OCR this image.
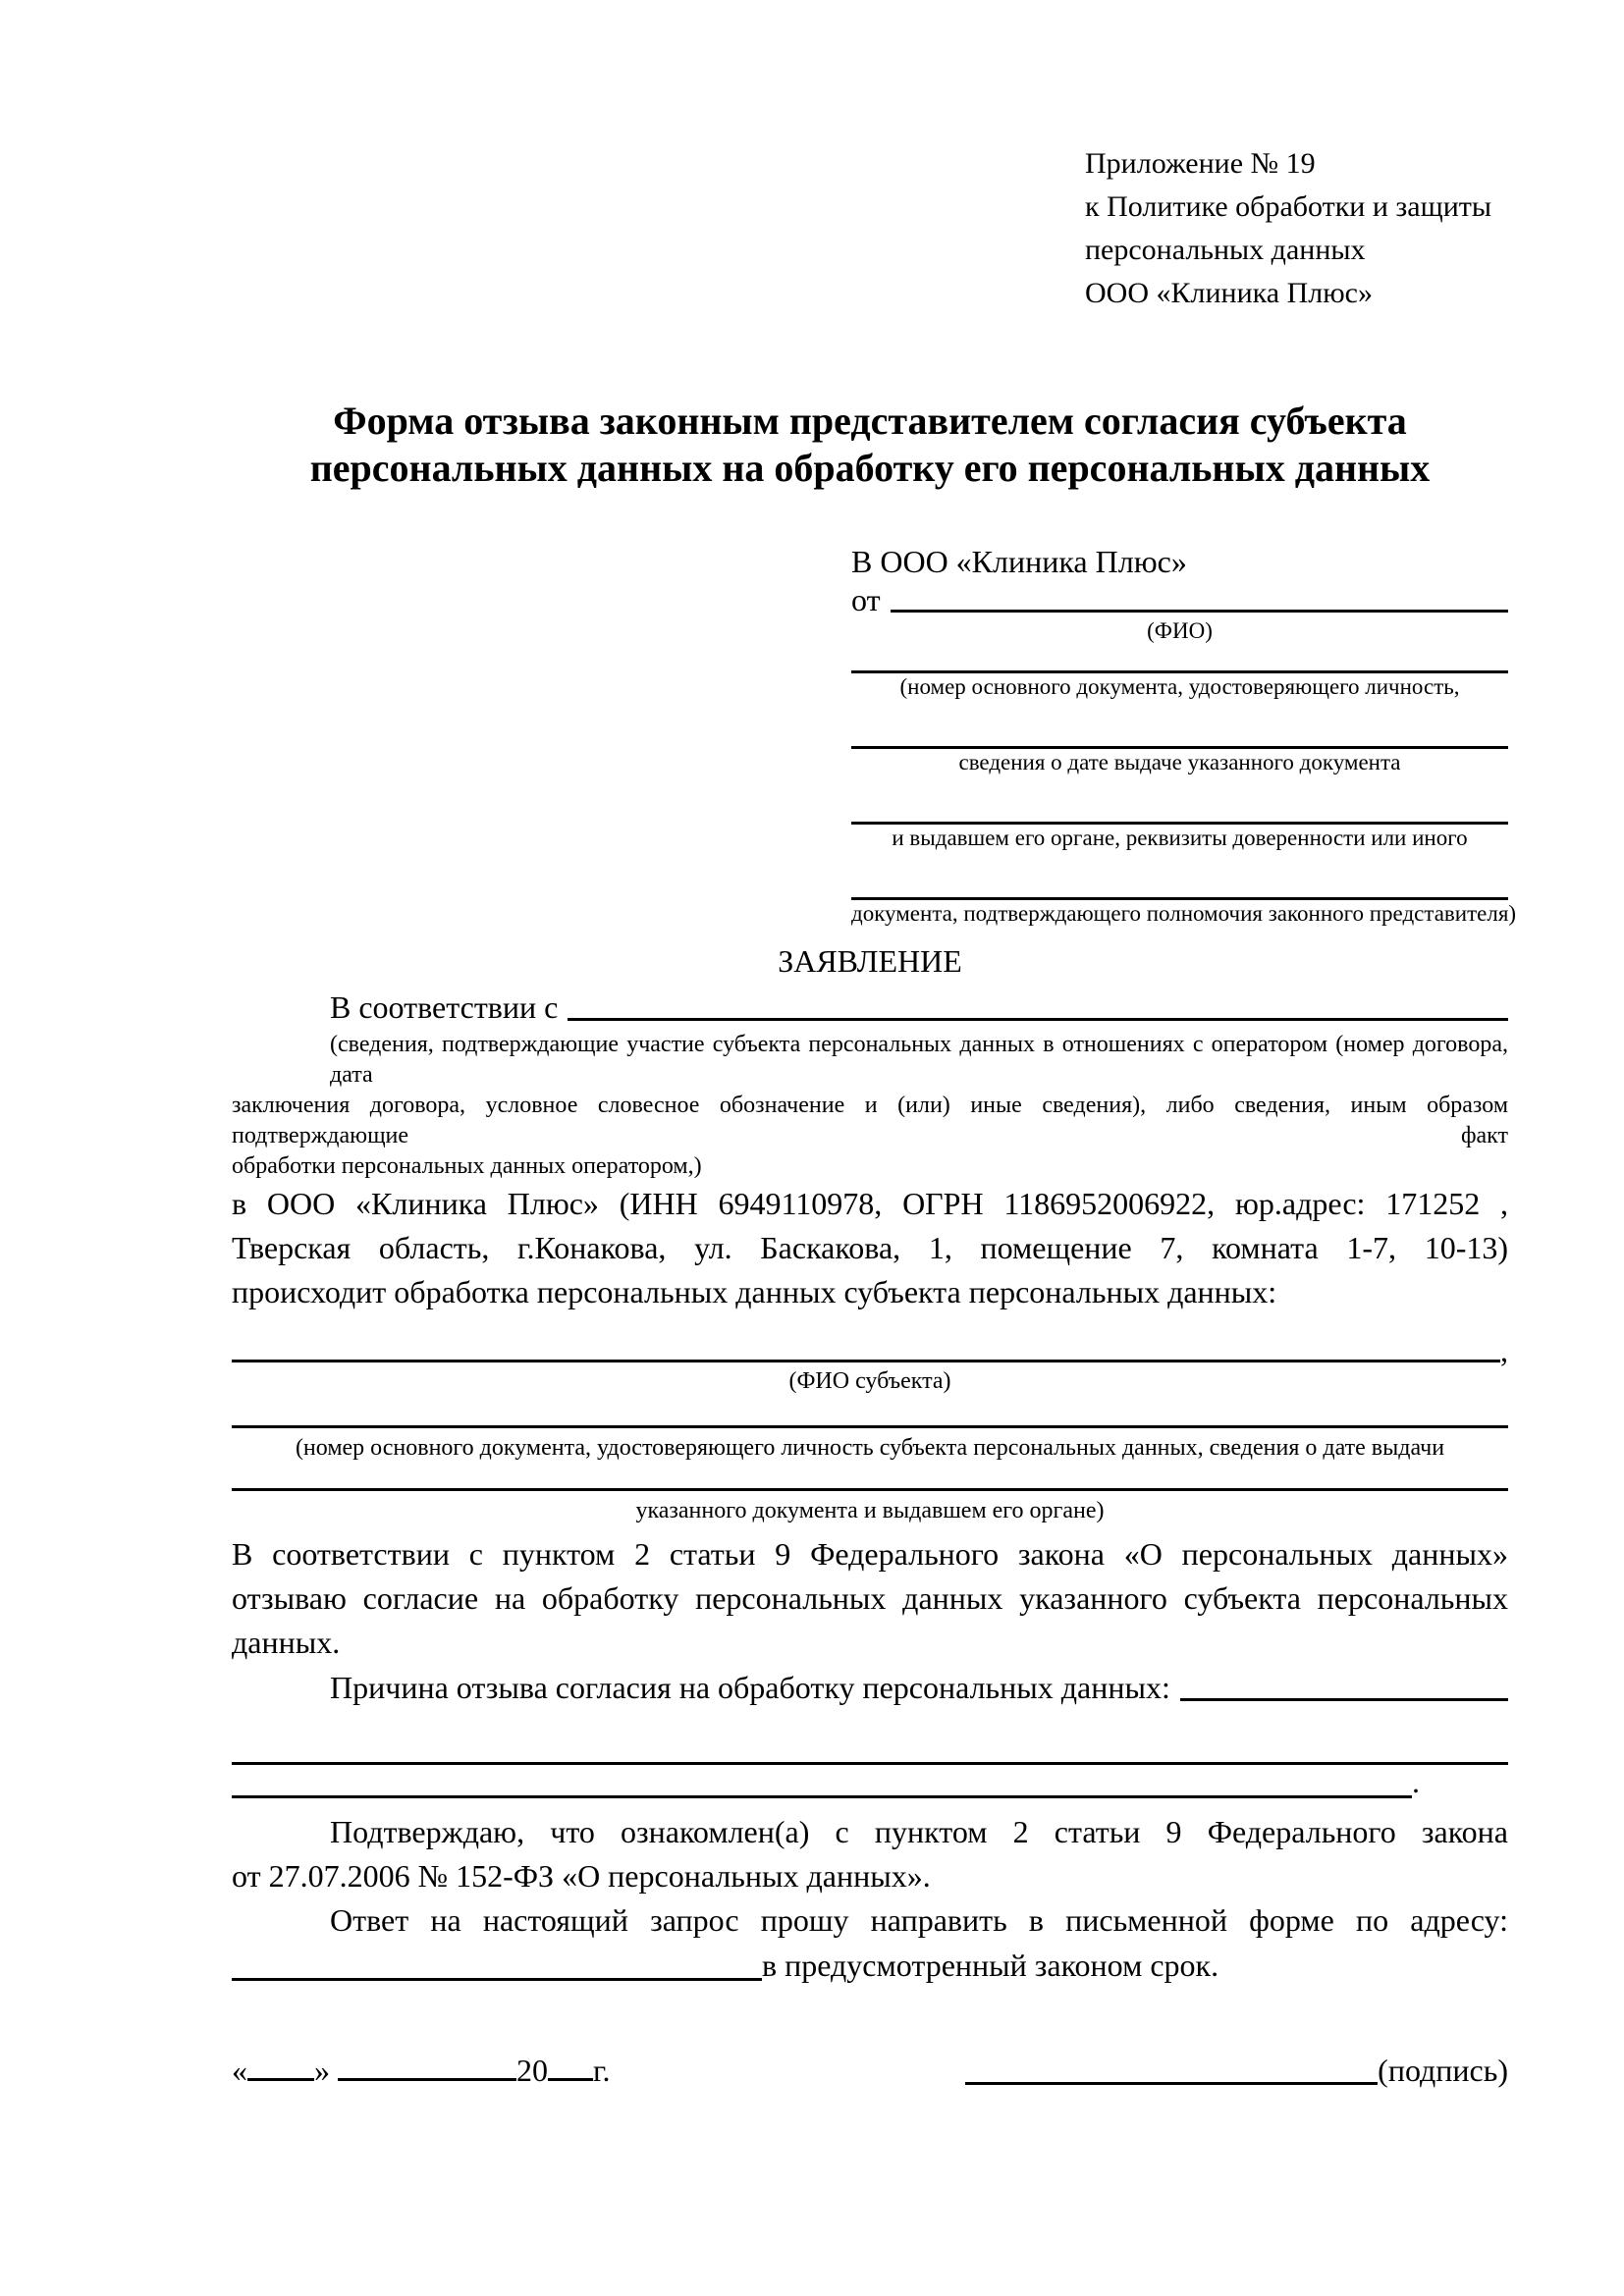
Приложение № 19
к Политике обработки и защиты
персональных данных
ООО «Клиника Плюс»
Форма отзыва законным представителем согласия субъекта персональных данных на обработку его персональных данных
В ООО «Клиника Плюс»
от
(ФИО)
(номер основного документа, удостоверяющего личность,
сведения о дате выдаче указанного документа
и выдавшем его органе, реквизиты доверенности или иного
документа, подтверждающего полномочия законного представителя)
ЗАЯВЛЕНИЕ
В соответствии с
(сведения, подтверждающие участие субъекта персональных данных в отношениях с оператором (номер договора, дата
заключения договора, условное словесное обозначение и (или) иные сведения), либо сведения, иным образом подтверждающие факт
обработки персональных данных оператором,)
в ООО «Клиника Плюс» (ИНН 6949110978, ОГРН 1186952006922, юр.адрес: 171252 ,
Тверская область, г.Конакова, ул. Баскакова, 1, помещение 7, комната 1-7, 10-13)
происходит обработка персональных данных субъекта персональных данных:
,
(ФИО субъекта)
(номер основного документа, удостоверяющего личность субъекта персональных данных, сведения о дате выдачи
указанного документа и выдавшем его органе)
В соответствии с пунктом 2 статьи 9 Федерального закона «О персональных данных»
отзываю согласие на обработку персональных данных указанного субъекта персональных
данных.
Причина отзыва согласия на обработку персональных данных:
.
Подтверждаю, что ознакомлен(а) с пунктом 2 статьи 9 Федерального закона
от 27.07.2006 № 152-ФЗ «О персональных данных».
Ответ на настоящий запрос прошу направить в письменной форме по адресу:
в предусмотренный законом срок.
« »	20 г.	(подпись)
